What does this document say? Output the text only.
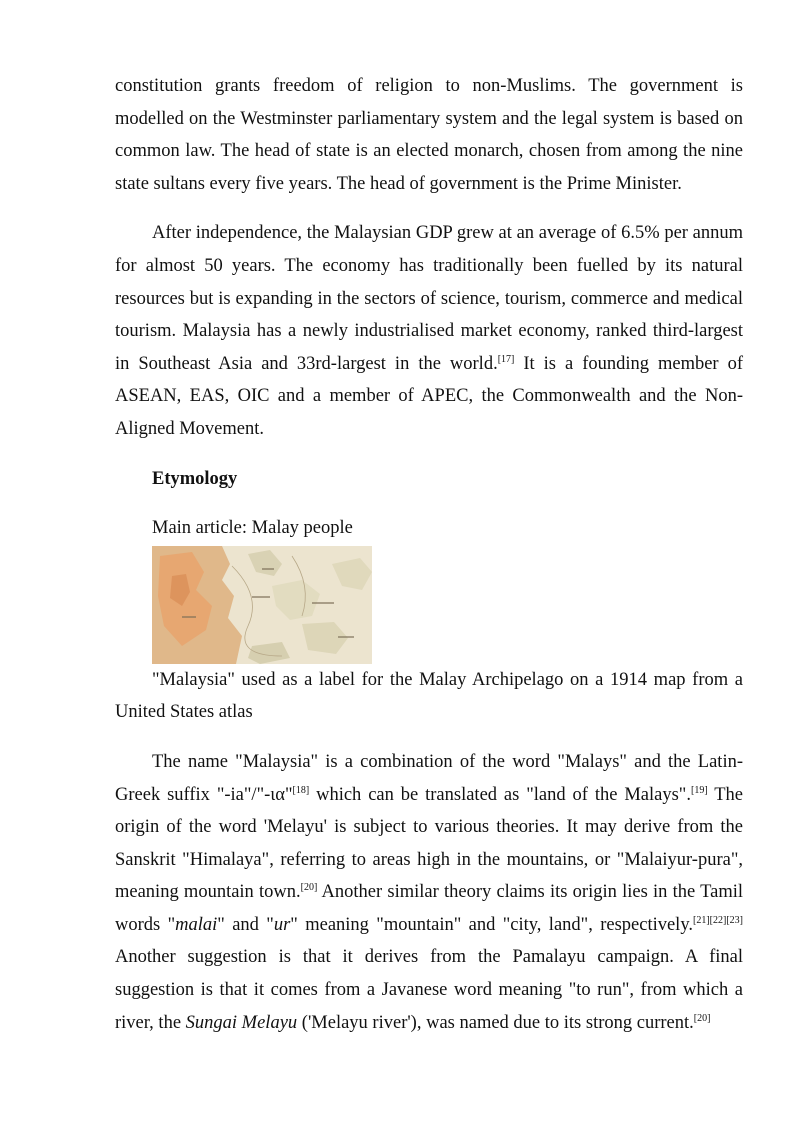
constitution grants freedom of religion to non-Muslims. The government is modelled on the Westminster parliamentary system and the legal system is based on common law. The head of state is an elected monarch, chosen from among the nine state sultans every five years. The head of government is the Prime Minister.

After independence, the Malaysian GDP grew at an average of 6.5% per annum for almost 50 years. The economy has traditionally been fuelled by its natural resources but is expanding in the sectors of science, tourism, commerce and medical tourism. Malaysia has a newly industrialised market economy, ranked third-largest in Southeast Asia and 33rd-largest in the world.[17] It is a founding member of ASEAN, EAS, OIC and a member of APEC, the Commonwealth and the Non-Aligned Movement.

Etymology
Main article: Malay people

"Malaysia" used as a label for the Malay Archipelago on a 1914 map from a United States atlas

The name "Malaysia" is a combination of the word "Malays" and the Latin-Greek suffix "-ia"/"-ια"[18] which can be translated as "land of the Malays".[19] The origin of the word 'Melayu' is subject to various theories. It may derive from the Sanskrit "Himalaya", referring to areas high in the mountains, or "Malaiyur-pura", meaning mountain town.[20] Another similar theory claims its origin lies in the Tamil words "malai" and "ur" meaning "mountain" and "city, land", respectively.[21][22][23] Another suggestion is that it derives from the Pamalayu campaign. A final suggestion is that it comes from a Javanese word meaning "to run", from which a river, the Sungai Melayu ('Melayu river'), was named due to its strong current.[20]
